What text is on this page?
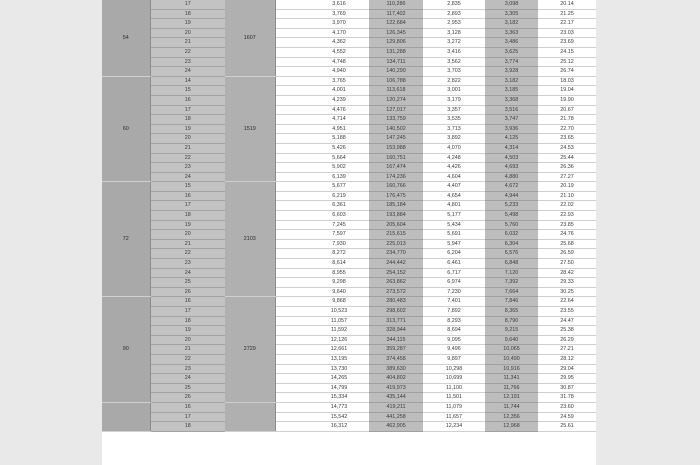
54	17	1607		3,616	110,286	2,835	3,098	20.14
	18			3,769	117,402	2,893	3,305	21.25
	19			3,970	122,684	2,953	3,182	22.17
	20			4,170	126,345	3,128	3,363	23.03
	21			4,362	129,806	3,272	3,486	23.69
	22			4,552	131,288	3,416	3,625	24.15
	23			4,748	134,711	3,562	3,774	25.12
	24			4,940	140,290	3,703	3,928	26.74
60	14	1519		3,765	106,788	2,822	3,182	18.03
	15			4,001	113,618	3,001	3,185	19.04
	16			4,239	120,274	3,179	3,368	19.90
	17			4,476	127,017	3,357	3,516	20.67
	18			4,714	133,759	3,535	3,747	21.78
	19			4,951	140,502	3,713	3,936	22.70
	20			5,188	147,245	3,892	4,125	23.65
	21			5,426	153,988	4,070	4,314	24.53
	22			5,664	160,751	4,248	4,503	25.44
	23			5,902	167,474	4,426	4,693	26.36
	24			6,139	174,236	4,604	4,880	27.27
72	15	2103		5,677	160,766	4,407	4,672	20.19
	16			6,219	176,475	4,654	4,944	21.10
	17			6,361	185,184	4,801	5,233	22.02
	18			6,603	193,884	5,177	5,498	22.93
	19			7,245	205,604	5,434	5,760	23.85
	20			7,597	215,615	5,691	6,032	24.76
	21			7,930	225,013	5,947	6,304	25.68
	22			8,272	234,770	6,204	6,576	26.59
	23			8,614	244,442	6,461	6,848	27.50
	24			8,955	254,152	6,717	7,120	28.42
	25			9,298	263,862	6,974	7,392	29.33
	26			9,640	273,572	7,230	7,664	30.25
90	16	2729		9,868	280,483	7,401	7,846	22.64
	17			10,523	298,602	7,892	8,365	23.55
	18			11,057	313,771	8,293	8,790	24.47
	19			11,592	328,944	8,694	9,215	25.38
	20			12,126	344,115	9,095	9,640	26.29
	21			12,661	359,287	9,496	10,065	27.21
	22			13,195	374,458	9,897	10,490	28.12
	23			13,730	389,630	10,298	10,916	29.04
	24			14,265	404,802	10,699	11,341	29.95
	25			14,799	419,973	11,100	11,766	30.87
	26			15,334	435,144	11,501	12,191	31.78
	16			14,773	419,211	11,079	11,744	23.60
	17			15,542	441,258	11,657	12,356	24.59
	18			16,312	462,905	12,234	12,968	25.61
